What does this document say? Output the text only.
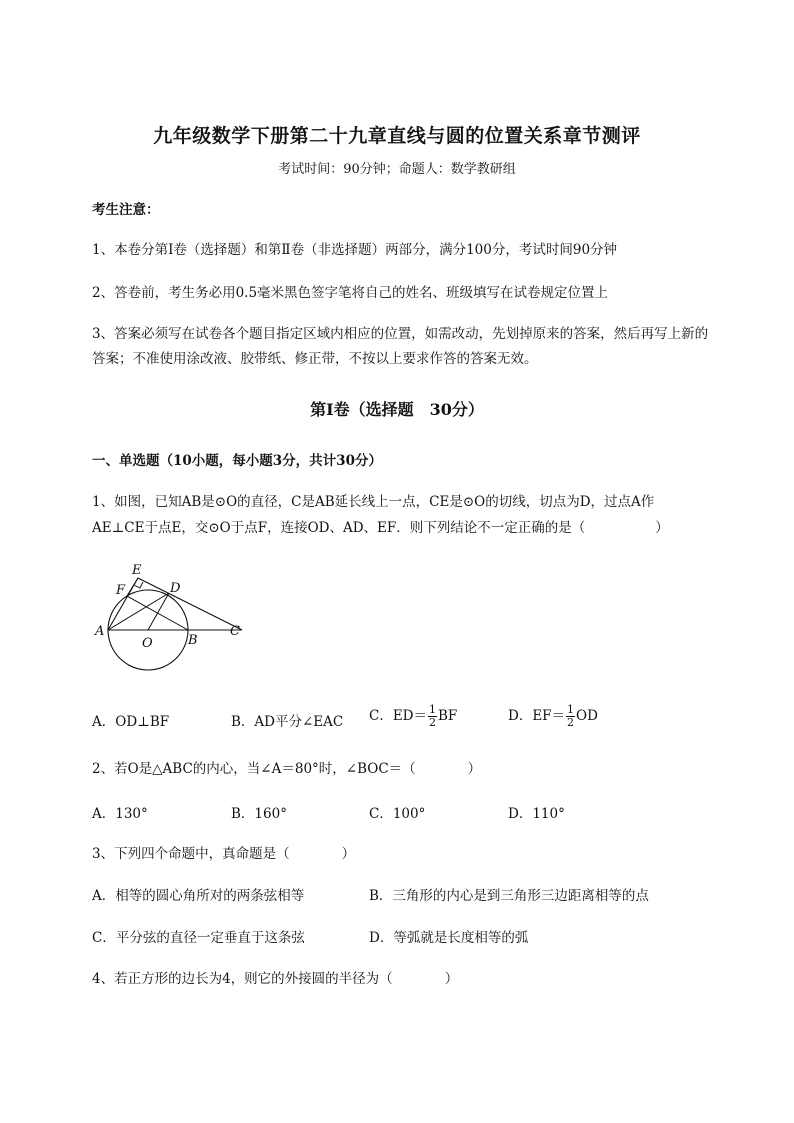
九年级数学下册第二十九章直线与圆的位置关系章节测评
考试时间：90分钟；命题人：数学教研组
考生注意：
1、本卷分第I卷（选择题）和第Ⅱ卷（非选择题）两部分，满分100分，考试时间90分钟
2、答卷前，考生务必用0.5毫米黑色签字笔将自己的姓名、班级填写在试卷规定位置上
3、答案必须写在试卷各个题目指定区域内相应的位置，如需改动，先划掉原来的答案，然后再写上新的答案；不准使用涂改液、胶带纸、修正带，不按以上要求作答的答案无效。
第I卷（选择题　30分）
一、单选题（10小题，每小题3分，共计30分）
1、如图，已知AB是⊙O的直径，C是AB延长线上一点，CE是⊙O的切线，切点为D，过点A作
AE⊥CE于点E，交⊙O于点F，连接OD、AD、EF．则下列结论不一定正确的是（	）
E
F	D
A
O	B
C
A．OD⊥BF	B．AD平分∠EAC C．$ED= \frac{1}{2}$ BF	D．$EF= \frac{1}{2}$ OD
2、若O是△ABC的内心，当∠A＝80°时，∠BOC＝（	）
A．130°	B．160°	C．100°	D．110°
3、下列四个命题中，真命题是（	）
A．相等的圆心角所对的两条弦相等	B．三角形的内心是到三角形三边距离相等的点
C．平分弦的直径一定垂直于这条弦	D．等弧就是长度相等的弧
4、若正方形的边长为4，则它的外接圆的半径为（	）
